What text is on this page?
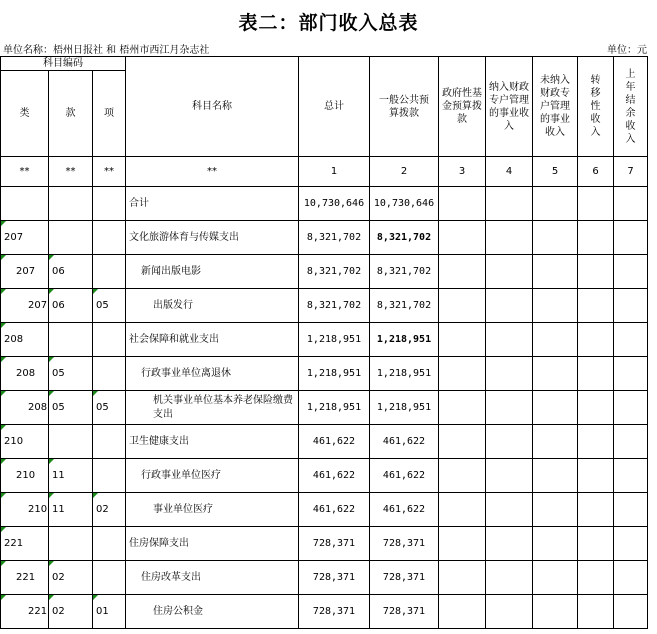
表二：部门收入总表
单位名称：梧州日报社 和 梧州市西江月杂志社	单位：元
科目编码			科目名称	总计	一般公共预算拨款	政府性基金预算拨款	纳入财政专户管理的事业收入	未纳入财政专户管理的事业收入	转移性收入	上年结余收入
类	款	项								
**	**	**	**	1	2	3	4	5	6	7
			合计	10,730,646	10,730,646					
207			文化旅游体育与传媒支出	8,321,702	8,321,702					
207	06		新闻出版电影	8,321,702	8,321,702					
207	06	05	出版发行	8,321,702	8,321,702					
208			社会保障和就业支出	1,218,951	1,218,951					
208	05		行政事业单位离退休	1,218,951	1,218,951					
208	05	05	机关事业单位基本养老保险缴费支出	1,218,951	1,218,951					
210			卫生健康支出	461,622	461,622					
210	11		行政事业单位医疗	461,622	461,622					
210	11	02	事业单位医疗	461,622	461,622					
221			住房保障支出	728,371	728,371					
221	02		住房改革支出	728,371	728,371					
221	02	01	住房公积金	728,371	728,371					
